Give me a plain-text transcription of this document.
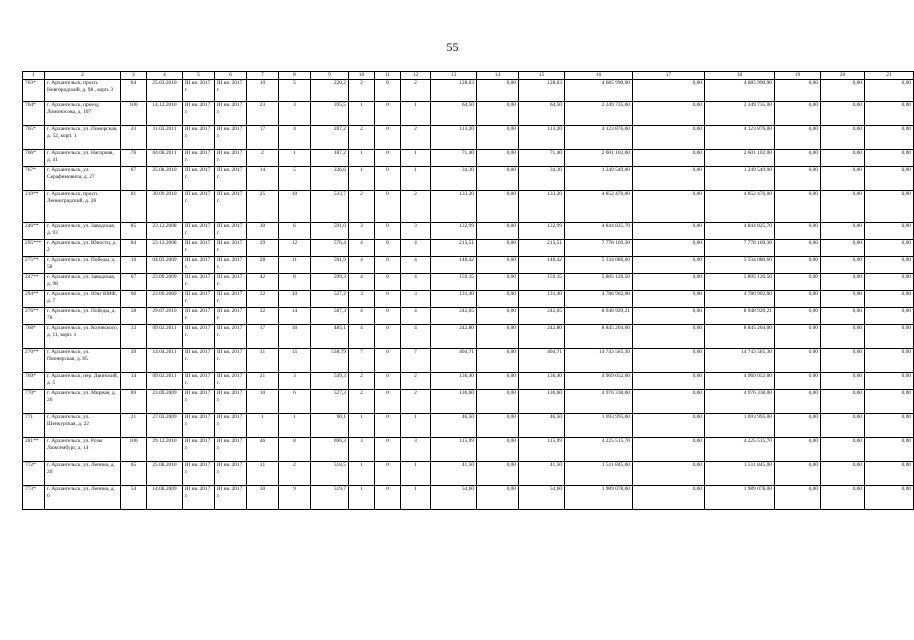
55
1	2	3	4	5	6	7	8	9	10	11	12	13	14	15	16	17	18	19	20	21
763*	г. Архангельск, просп. Новгородский, д. 98 , корп. 3	64	25.03.2010	III кв. 2017 г.	III кв. 2017 г.	10	5	220,2	2	0	2	128,63	0,00	128,63	4 685 990,90	0,00	4 685 990,90	0,00	0,00	0,00
764*	г. Архангельск, проезд Ломоносова, д. 107	100	14.12.2010	III кв. 2017 г.	III кв. 2017 г.	23	3	395,5	1	0	1	64,50	0,00	64,50	2 349 735,00	0,00	2 349 735,00	0,00	0,00	0,00
765*	г. Архангельск, ул. Поморская, д. 52, корп. 1	23	11.03.2011	III кв. 2017 г.	III кв. 2017 г.	17	4	287,2	2	0	2	113,20	0,00	113,20	4 123 876,00	0,00	4 123 876,00	0,00	0,00	0,00
766*	г. Архангельск, ул. Нагорная, д. 41	76	04.08.2011	III кв. 2017 г.	III кв. 2017 г.	2	1	187,2	1	0	1	71,40	0,00	71,40	2 601 102,00	0,00	2 601 102,00	0,00	0,00	0,00
767*	г. Архангельск, ул. Серафимовича, д. 27	67	25.08.2010	III кв. 2017 г.	III кв. 2017 г.	14	5	226,6	1	0	1	34,30	0,00	34,30	1 249 549,00	0,00	1 249 549,00	0,00	0,00	0,00
219**	г. Архангельск, просп. Ленинградский, д. 28	81	30.09.2010	III кв. 2017 г.	III кв. 2017 г.	25	10	533,7	2	0	2	133,20	0,00	133,20	4 852 476,00	0,00	4 852 476,00	0,00	0,00	0,00
246**	г. Архангельск, ул. Заводская, д. 93	85	23.12.2008	III кв. 2017 г.	III кв. 2017 г.	30	6	591,0	3	0	3	132,99	0,00	132,99	4 844 825,70	0,00	4 844 825,70	0,00	0,00	0,00
295***	г. Архангельск, ул. Юности, д. 2	84	23.12.2008	III кв. 2017 г.	III кв. 2017 г.	29	12	576,4	4	0	4	213,51	0,00	213,51	7 778 169,30	0,00	7 778 169,30	0,00	0,00	0,00
275**	г. Архангельск, ул. Победы, д. 58	16	04.03.2009	III кв. 2017 г.	III кв. 2017 г.	28	11	591,9	4	0	4	146,42	0,00	146,42	5 334 080,60	0,00	5 334 080,60	0,00	0,00	0,00
247**	г. Архангельск, ул. Заводская, д. 98	67	23.09.2009	III кв. 2017 г.	III кв. 2017 г.	42	8	599,3	4	0	4	159,35	0,00	159,35	5 805 120,50	0,00	5 805 120,50	0,00	0,00	0,00
294**	г. Архангельск, ул. Юнг ВМФ, д. 7	66	23.09.2009	III кв. 2017 г.	III кв. 2017 г.	32	10	527,2	3	0	3	131,40	0,00	131,40	4 786 902,00	0,00	4 786 902,00	0,00	0,00	0,00
276**	г. Архангельск, ул. Победы, д. 78	58	29.07.2010	III кв. 2017 г.	III кв. 2017 г.	32	14	587,3	4	0	4	245,65	0,00	245,65	8 948 920,21	0,00	8 948 920,21	0,00	0,00	0,00
768*	г. Архангельск, ул. Котовского, д. 11, корп. 1	13	09.02.2011	III кв. 2017 г.	III кв. 2017 г.	17	10	485,1	4	0	4	242,80	0,00	242,80	8 845 204,00	0,00	8 845 204,00	0,00	0,00	0,00
270**	г. Архангельск, ул. Пионерская, д. 85	39	14.04.2011	III кв. 2017 г.	III кв. 2017 г.	31	15	538,79	7	0	7	404,71	0,00	404,71	14 743 585,30	0,00	14 743 585,30	0,00	0,00	0,00
769*	г. Архангельск, пер. Двинский, д. 5	14	09.02.2011	III кв. 2017 г.	III кв. 2017 г.	21	3	549,3	2	0	2	136,40	0,00	136,40	4 969 052,00	0,00	4 969 052,00	0,00	0,00	0,00
770*	г. Архангельск, ул. Мирная, д. 26	69	23.09.2009	III кв. 2017 г.	III кв. 2017 г.	10	6	527,3	2	0	2	136,60	0,00	136,60	4 976 338,00	0,00	4 976 338,00	0,00	0,00	0,00
771	г. Архангельск, ул. Шенкурская, д. 22	21	27.03.2009	III кв. 2017 г.	III кв. 2017 г.	1	1	90,1	1	0	1	46,50	0,00	46,50	1 693 995,00	0,00	1 693 995,00	0,00	0,00	0,00
281**	г. Архангельск, ул. Розы Люксембург, д. 14	106	29.12.2010	III кв. 2017 г.	III кв. 2017 г.	46	8	696,3	3	0	3	115,99	0,00	115,99	4 225 515,70	0,00	4 225 515,70	0,00	0,00	0,00
772*	г. Архангельск, ул. Ленина, д. 20	65	25.08.2010	III кв. 2017 г.	III кв. 2017 г.	31	2	518,5	1	0	1	41,50	0,00	41,50	1 511 845,00	0,00	1 511 845,00	0,00	0,00	0,00
773*	г. Архангельск, ул. Ленина, д. 6	54	14.08.2009	III кв. 2017 г.	III кв. 2017 г.	30	9	519,7	1	0	1	54,60	0,00	54,60	1 989 078,00	0,00	1 989 078,00	0,00	0,00	0,00
